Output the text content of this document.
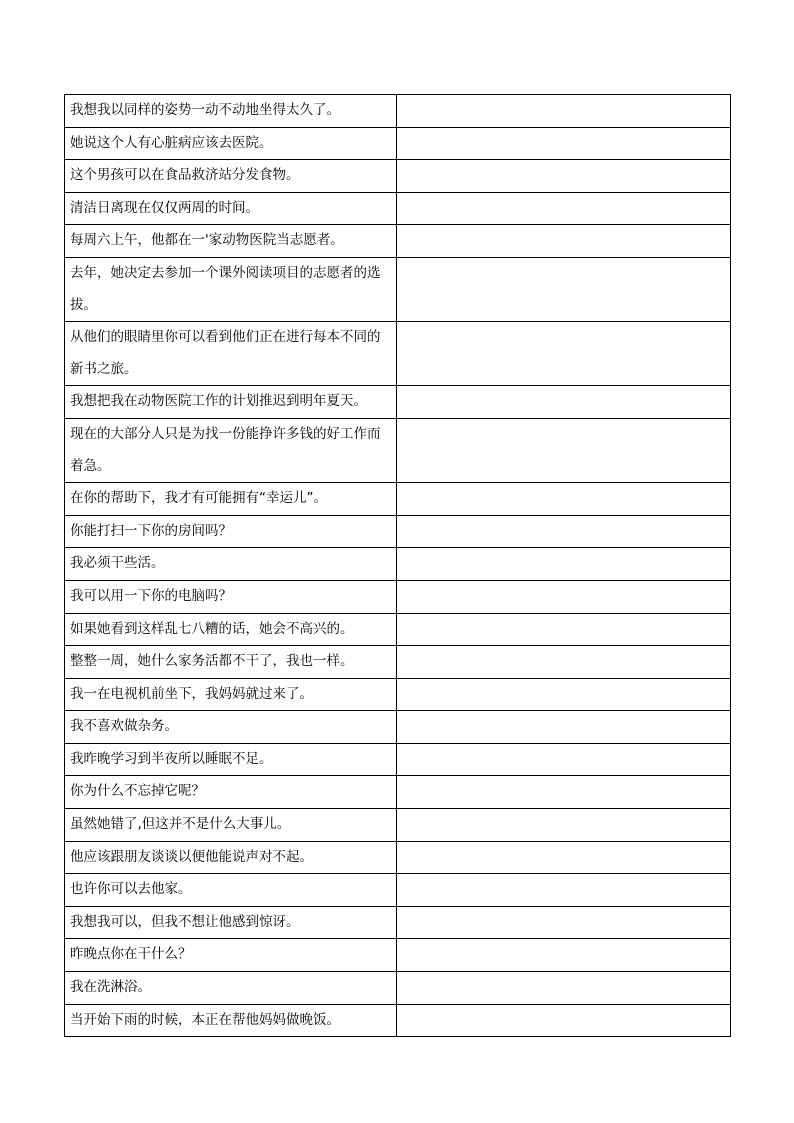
我想我以同样的姿势一动不动地坐得太久了。	
她说这个人有心脏病应该去医院。	
这个男孩可以在食品救济站分发食物。	
清洁日离现在仅仅两周的时间。	
每周六上午，他都在一'家动物医院当志愿者。	
去年，她决定去参加一个课外阅读项目的志愿者的选拔。	
从他们的眼睛里你可以看到他们正在进行每本不同的新书之旅。	
我想把我在动物医院工作的计划推迟到明年夏天。	
现在的大部分人只是为找一份能挣许多钱的好工作而着急。	
在你的帮助下，我才有可能拥有“幸运儿”。	
你能打扫一下你的房间吗？	
我必须干些活。	
我可以用一下你的电脑吗？	
如果她看到这样乱七八糟的话，她会不高兴的。	
整整一周，她什么家务活都不干了，我也一样。	
我一在电视机前坐下，我妈妈就过来了。	
我不喜欢做杂务。	
我昨晚学习到半夜所以睡眠不足。	
你为什么不忘掉它呢？	
虽然她错了,但这并不是什么大事儿。	
他应该跟朋友谈谈以便他能说声对不起。	
也许你可以去他家。	
我想我可以，但我不想让他感到惊讶。	
昨晚点你在干什么？	
我在洗淋浴。	
当开始下雨的时候，本正在帮他妈妈做晚饭。	
